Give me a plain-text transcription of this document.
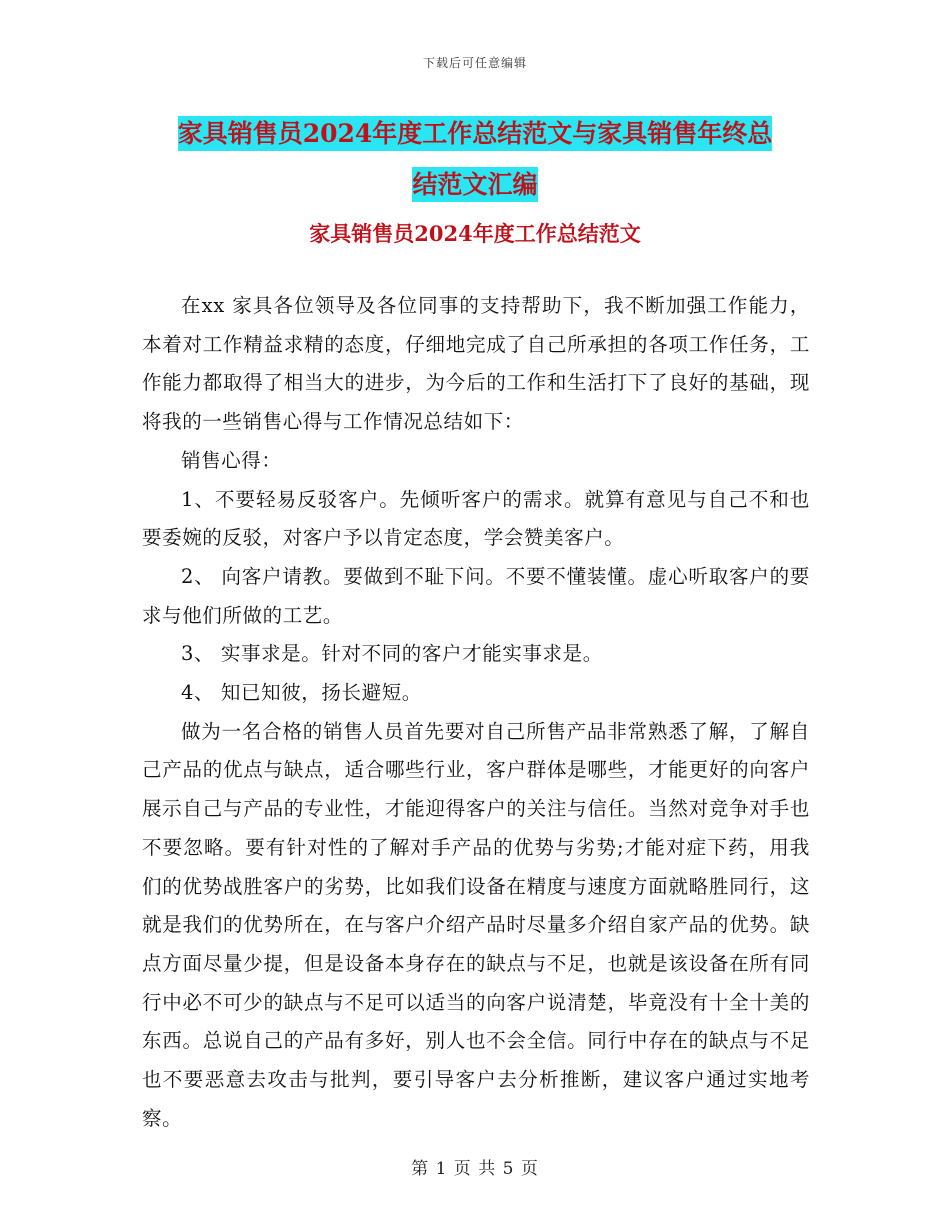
下载后可任意编辑
家具销售员2024年度工作总结范文与家具销售年终总
结范文汇编
家具销售员2024年度工作总结范文

在xx 家具各位领导及各位同事的支持帮助下，我不断加强工作能力，本着对工作精益求精的态度，仔细地完成了自己所承担的各项工作任务，工作能力都取得了相当大的进步，为今后的工作和生活打下了良好的基础，现将我的一些销售心得与工作情况总结如下：

销售心得：

1、不要轻易反驳客户。先倾听客户的需求。就算有意见与自己不和也要委婉的反驳，对客户予以肯定态度，学会赞美客户。

2、 向客户请教。要做到不耻下问。不要不懂装懂。虚心听取客户的要求与他们所做的工艺。

3、 实事求是。针对不同的客户才能实事求是。

4、 知已知彼，扬长避短。

做为一名合格的销售人员首先要对自己所售产品非常熟悉了解，了解自己产品的优点与缺点，适合哪些行业，客户群体是哪些，才能更好的向客户展示自己与产品的专业性，才能迎得客户的关注与信任。当然对竞争对手也不要忽略。要有针对性的了解对手产品的优势与劣势;才能对症下药，用我们的优势战胜客户的劣势，比如我们设备在精度与速度方面就略胜同行，这就是我们的优势所在，在与客户介绍产品时尽量多介绍自家产品的优势。缺点方面尽量少提，但是设备本身存在的缺点与不足，也就是该设备在所有同行中必不可少的缺点与不足可以适当的向客户说清楚，毕竟没有十全十美的东西。总说自己的产品有多好，别人也不会全信。同行中存在的缺点与不足也不要恶意去攻击与批判，要引导客户去分析推断，建议客户通过实地考察。

第 1 页 共 5 页
